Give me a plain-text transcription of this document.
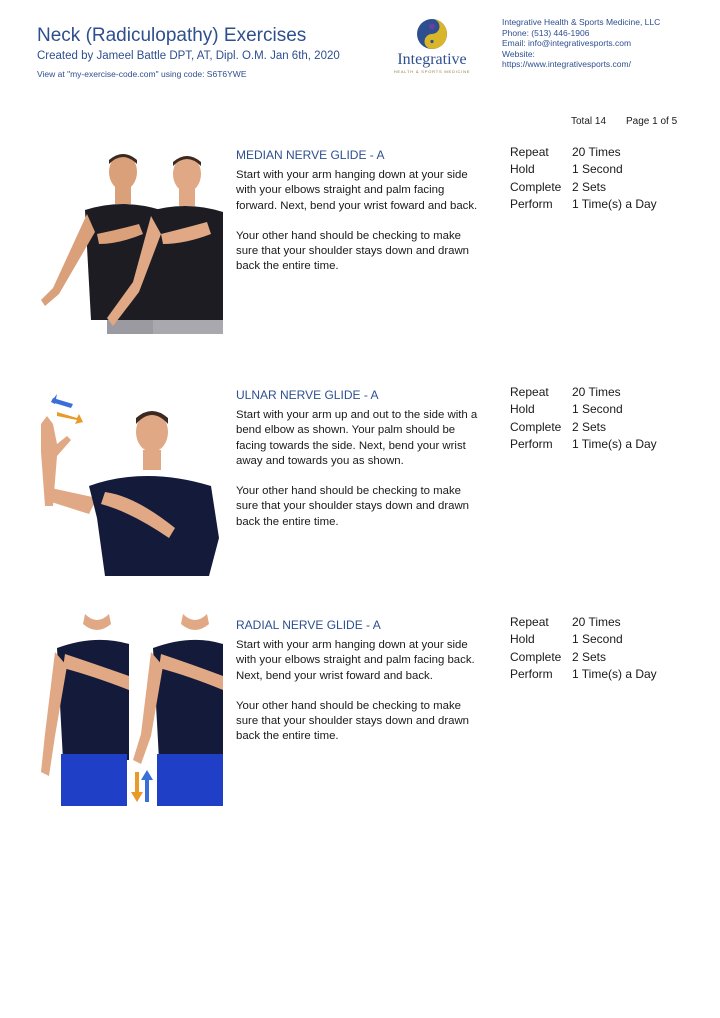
Neck (Radiculopathy) Exercises
Created by Jameel Battle DPT, AT, Dipl. O.M. Jan 6th, 2020
View at "my-exercise-code.com" using code: S6T6YWE
Integrative
HEALTH & SPORTS MEDICINE
Integrative Health & Sports Medicine, LLC
Phone: (513) 446-1906
Email: info@integrativesports.com
Website:
https://www.integrativesports.com/
Total 14 Page 1 of 5
MEDIAN NERVE GLIDE - A

Start with your arm hanging down at your side with your elbows straight and palm facing forward. Next, bend your wrist foward and back.

Your other hand should be checking to make sure that your shoulder stays down and drawn back the entire time.

Repeat	20 Times
Hold	1 Second
Complete 2 Sets
Perform	1 Time(s) a Day
ULNAR NERVE GLIDE - A

Start with your arm up and out to the side with a bend elbow as shown. Your palm should be facing towards the side. Next, bend your wrist away and towards you as shown.

Your other hand should be checking to make sure that your shoulder stays down and drawn back the entire time.

Repeat	20 Times
Hold	1 Second
Complete 2 Sets
Perform	1 Time(s) a Day
RADIAL NERVE GLIDE - A

Start with your arm hanging down at your side with your elbows straight and palm facing back. Next, bend your wrist foward and back.

Your other hand should be checking to make sure that your shoulder stays down and drawn back the entire time.

Repeat	20 Times
Hold	1 Second
Complete 2 Sets
Perform	1 Time(s) a Day
